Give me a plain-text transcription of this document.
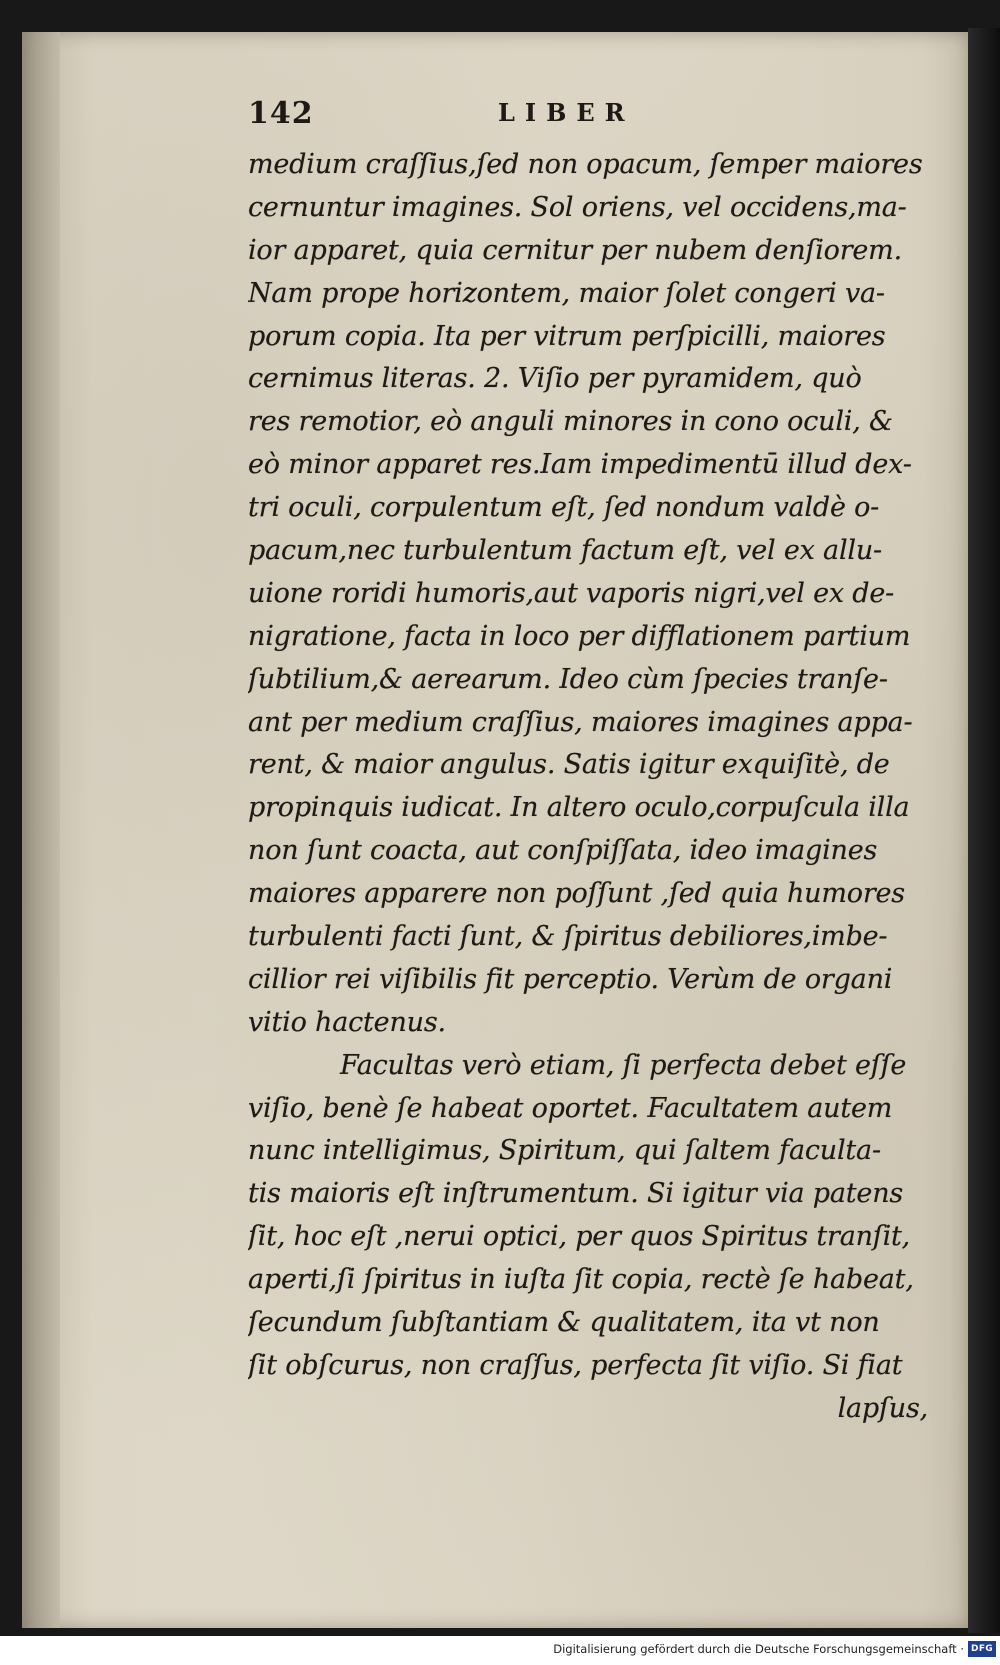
142	LIBER
medium craſſius,ſed non opacum, ſemper maiores
cernuntur imagines. Sol oriens, vel occidens,ma-
ior apparet, quia cernitur per nubem denſiorem.
Nam prope horizontem, maior ſolet congeri va-
porum copia. Ita per vitrum perſpicilli, maiores
cernimus literas. 2. Viſio per pyramidem, quò
res remotior, eò anguli minores in cono oculi, &
eò minor apparet res.Iam impedimentū illud dex-
tri oculi, corpulentum eſt, ſed nondum valdè o-
pacum,nec turbulentum factum eſt, vel ex allu-
uione roridi humoris,aut vaporis nigri,vel ex de-
nigratione, facta in loco per difflationem partium
ſubtilium,& aerearum. Ideo cùm ſpecies tranſe-
ant per medium craſſius, maiores imagines appa-
rent, & maior angulus. Satis igitur exquiſitè, de
propinquis iudicat. In altero oculo,corpuſcula illa
non ſunt coacta, aut conſpiſſata, ideo imagines
maiores apparere non poſſunt ,ſed quia humores
turbulenti facti ſunt, & ſpiritus debiliores,imbe-
cillior rei viſibilis fit perceptio. Verùm de organi
vitio hactenus.
Facultas verò etiam, ſi perfecta debet eſſe
viſio, benè ſe habeat oportet. Facultatem autem
nunc intelligimus, Spiritum, qui ſaltem faculta-
tis maioris eſt inſtrumentum. Si igitur via patens
ſit, hoc eſt ,nerui optici, per quos Spiritus tranſit,
aperti,ſi ſpiritus in iuſta ſit copia, rectè ſe habeat,
ſecundum ſubſtantiam & qualitatem, ita vt non
ſit obſcurus, non craſſus, perfecta ſit viſio. Si fiat
lapſus,
Digitalisierung gefördert durch die Deutsche Forschungsgemeinschaft · DFG
